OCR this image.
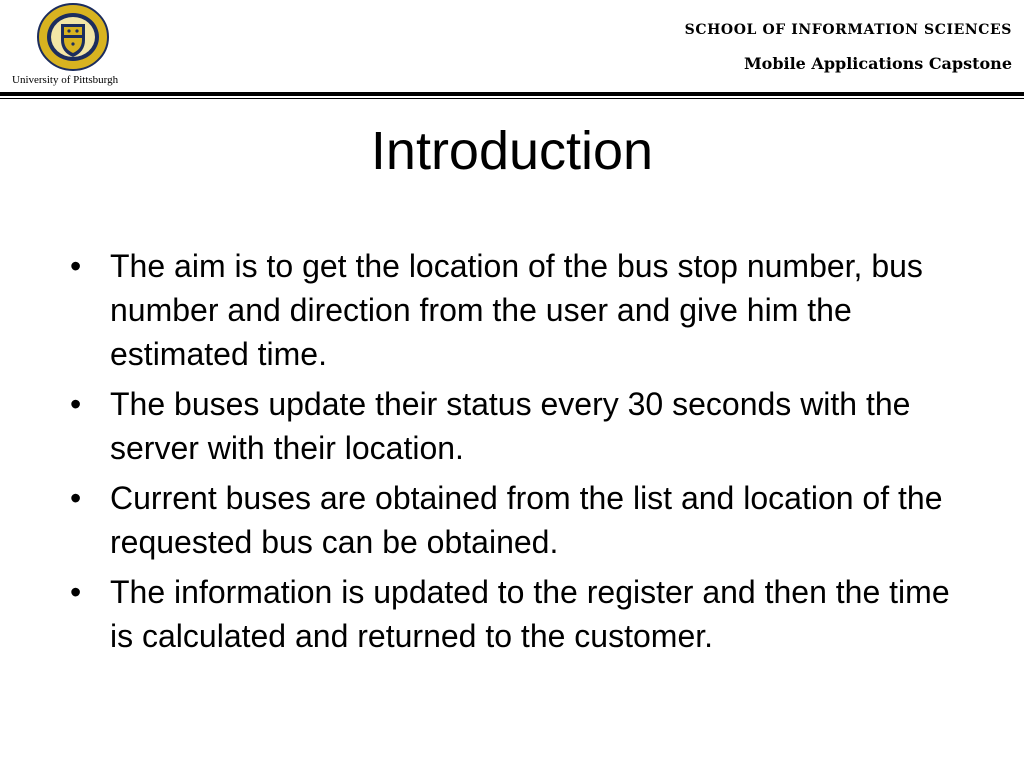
University of Pittsburgh
SCHOOL OF INFORMATION SCIENCES
Mobile Applications Capstone
Introduction
• The aim is to get the location of the bus stop number, bus number and direction from the user and give him the estimated time.
• The buses update their status every 30 seconds with the server with their location.
• Current buses are obtained from the list and location of the requested bus can be obtained.
• The information is updated to the register and then the time is calculated and returned to the customer.
